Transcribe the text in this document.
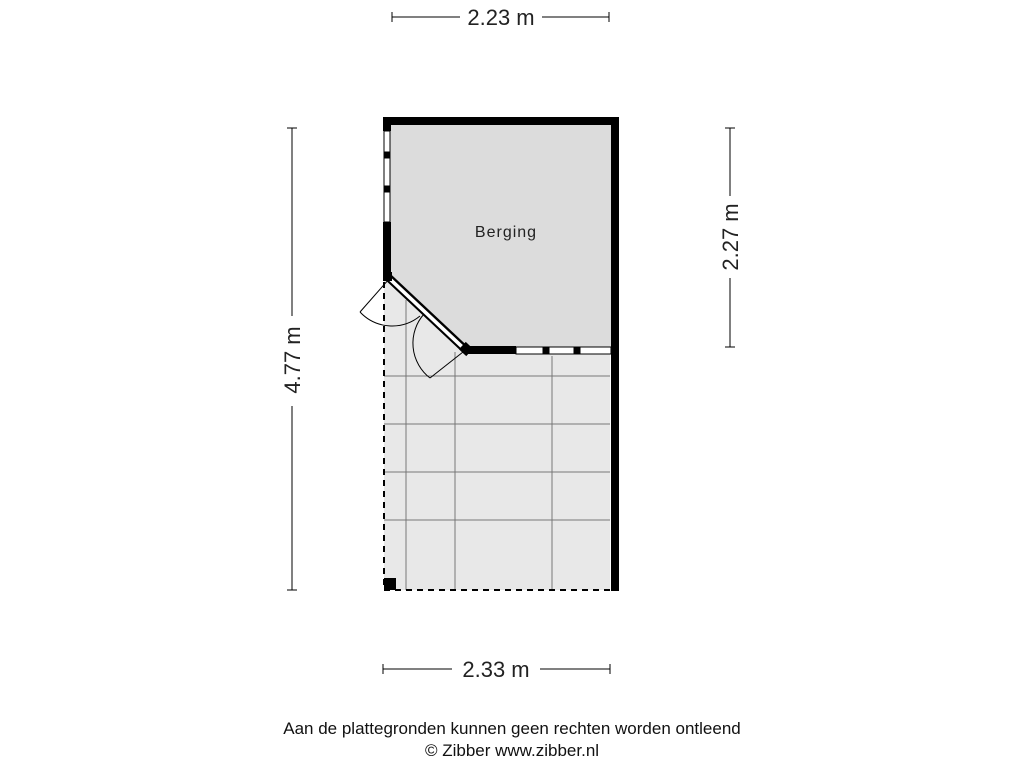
2.23 m
2.33 m
4.77 m
2.27 m
Berging
Aan de plattegronden kunnen geen rechten worden ontleend
© Zibber www.zibber.nl
